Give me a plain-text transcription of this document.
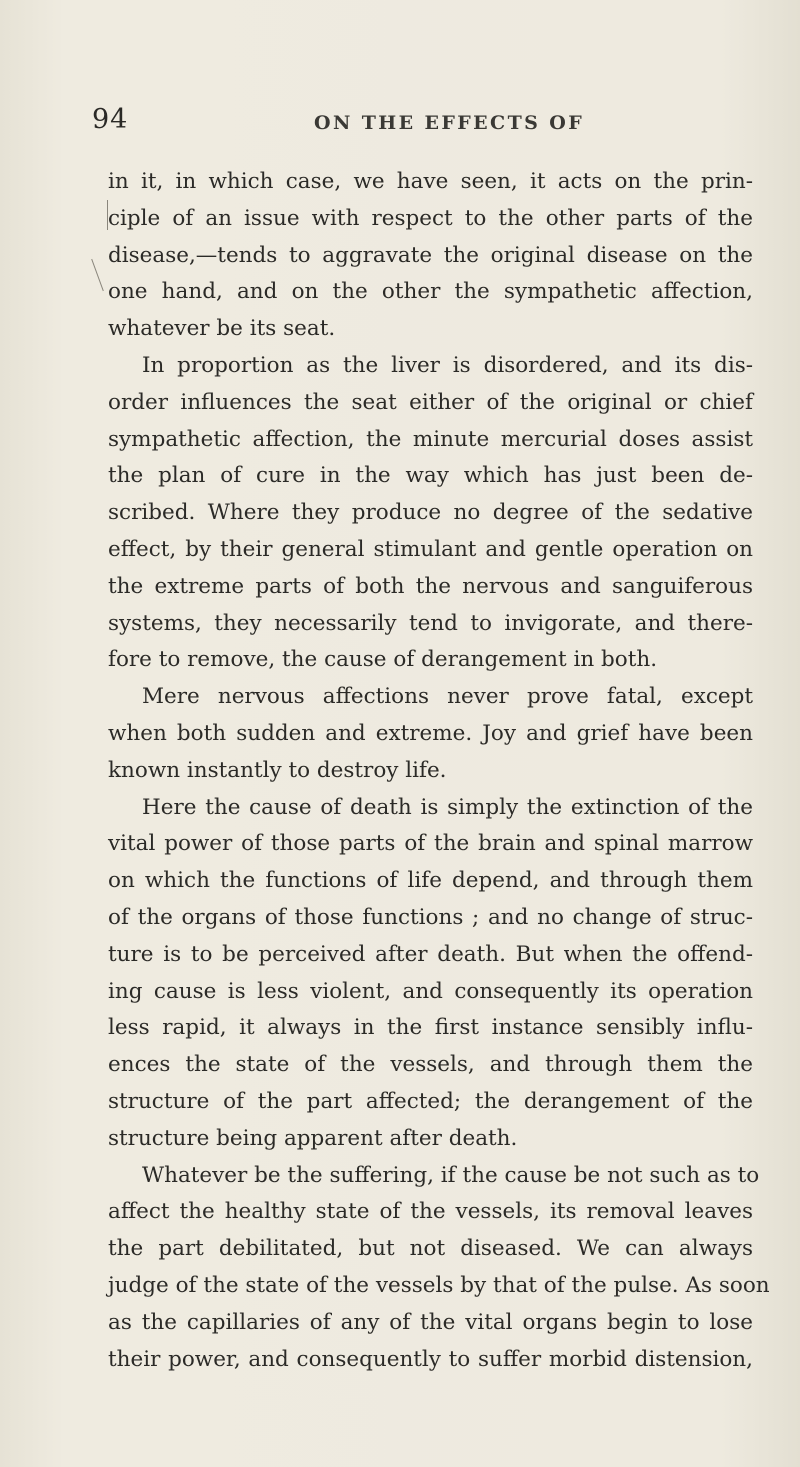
94	ON THE EFFECTS OF
in it, in which case, we have seen, it acts on the prin-
ciple of an issue with respect to the other parts of the
disease,—tends to aggravate the original disease on the
one hand, and on the other the sympathetic affection,
whatever be its seat.
In proportion as the liver is disordered, and its dis-
order influences the seat either of the original or chief
sympathetic affection, the minute mercurial doses assist
the plan of cure in the way which has just been de-
scribed. Where they produce no degree of the sedative
effect, by their general stimulant and gentle operation on
the extreme parts of both the nervous and sanguiferous
systems, they necessarily tend to invigorate, and there-
fore to remove, the cause of derangement in both.
Mere nervous affections never prove fatal, except
when both sudden and extreme. Joy and grief have been
known instantly to destroy life.
Here the cause of death is simply the extinction of the
vital power of those parts of the brain and spinal marrow
on which the functions of life depend, and through them
of the organs of those functions ; and no change of struc-
ture is to be perceived after death. But when the offend-
ing cause is less violent, and consequently its operation
less rapid, it always in the first instance sensibly influ-
ences the state of the vessels, and through them the
structure of the part affected; the derangement of the
structure being apparent after death.
Whatever be the suffering, if the cause be not such as to
affect the healthy state of the vessels, its removal leaves
the part debilitated, but not diseased. We can always
judge of the state of the vessels by that of the pulse. As soon
as the capillaries of any of the vital organs begin to lose
their power, and consequently to suffer morbid distension,
